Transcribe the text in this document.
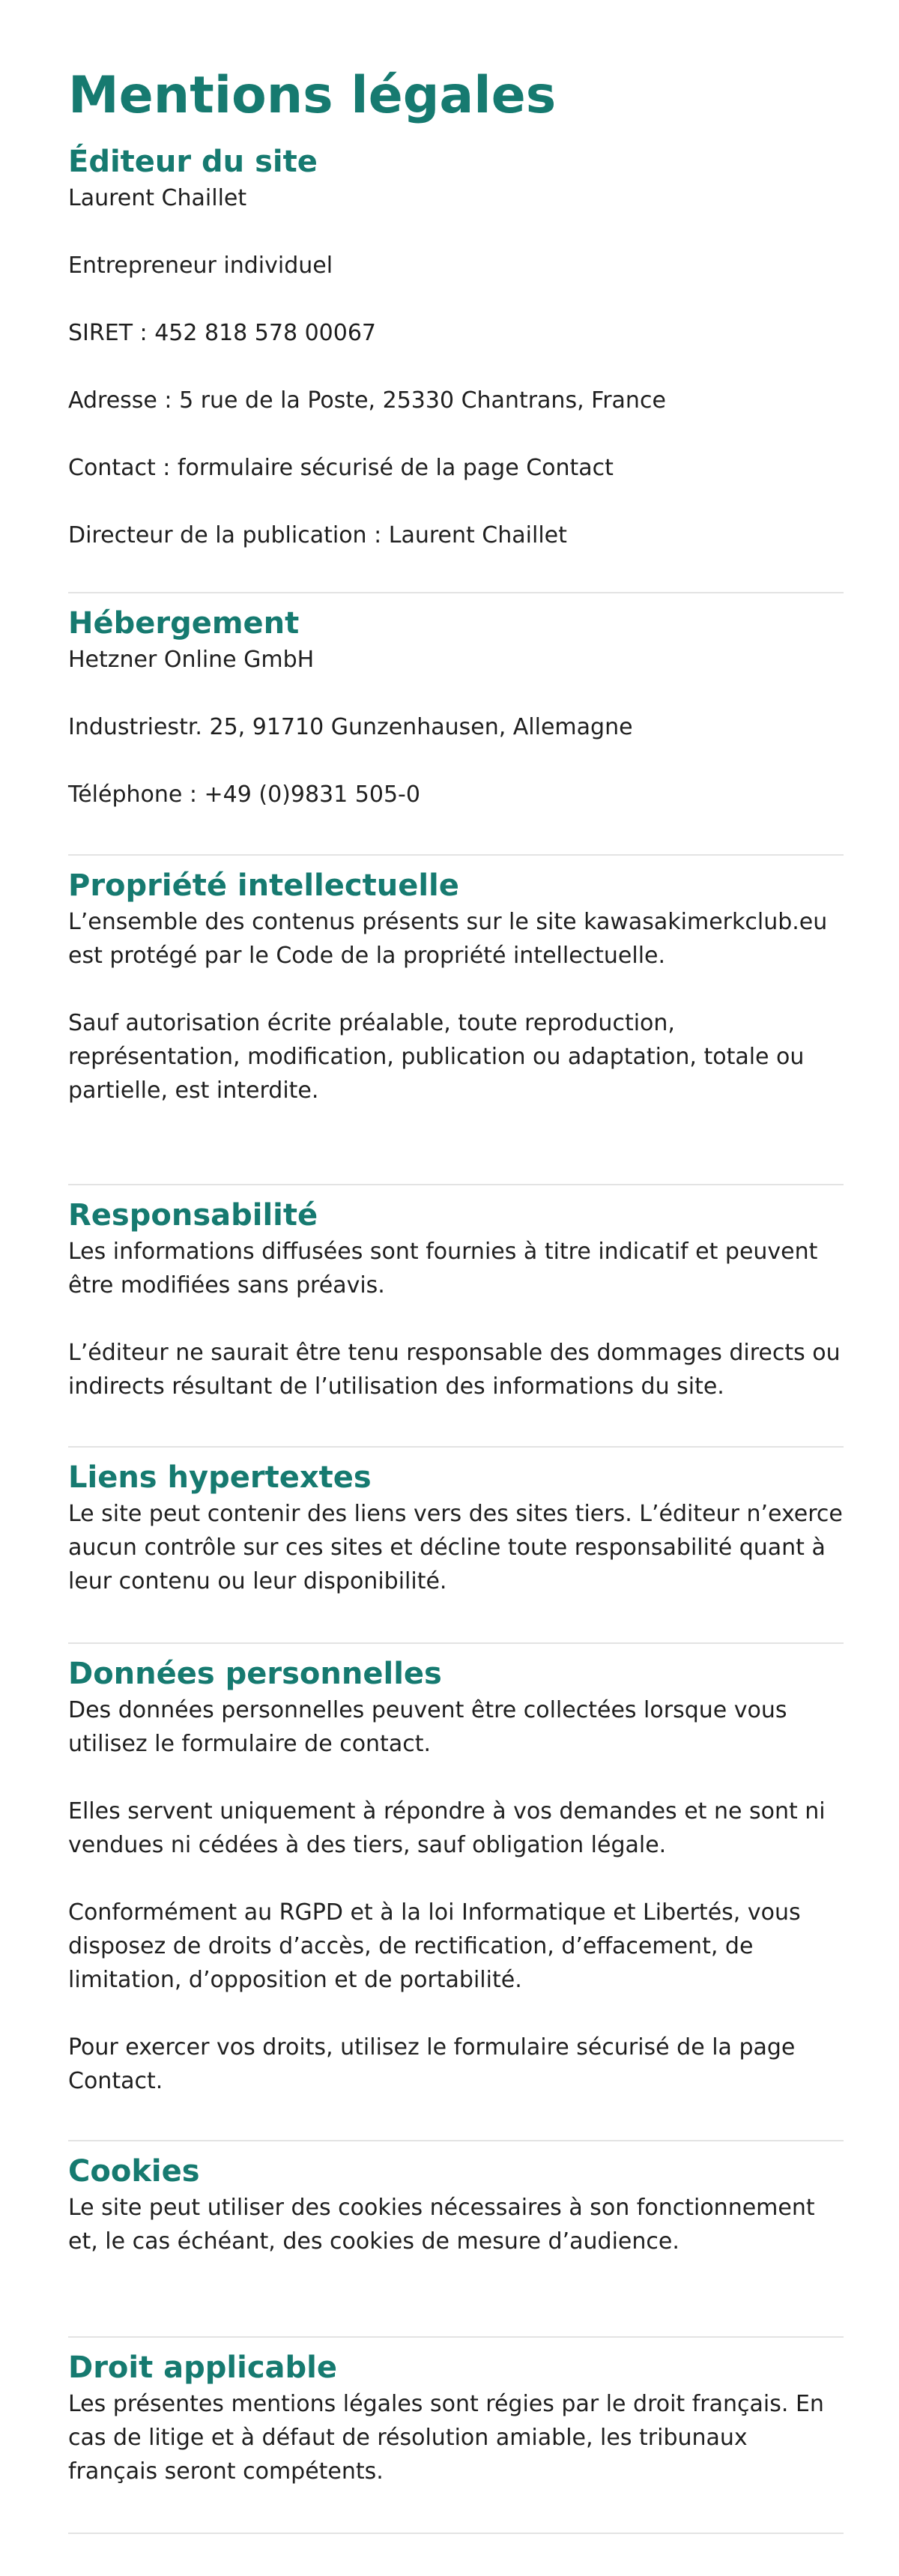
Mentions légales
Éditeur du site

Laurent Chaillet

Entrepreneur individuel

SIRET : 452 818 578 00067

Adresse : 5 rue de la Poste, 25330 Chantrans, France

Contact : formulaire sécurisé de la page Contact

Directeur de la publication : Laurent Chaillet

Hébergement

Hetzner Online GmbH

Industriestr. 25, 91710 Gunzenhausen, Allemagne

Téléphone : +49 (0)9831 505-0

Propriété intellectuelle

L’ensemble des contenus présents sur le site kawasakimerkclub.eu est protégé par le Code de la propriété intellectuelle.

Sauf autorisation écrite préalable, toute reproduction, représentation, modification, publication ou adaptation, totale ou partielle, est interdite.

Responsabilité

Les informations diffusées sont fournies à titre indicatif et peuvent être modifiées sans préavis.

L’éditeur ne saurait être tenu responsable des dommages directs ou indirects résultant de l’utilisation des informations du site.

Liens hypertextes

Le site peut contenir des liens vers des sites tiers. L’éditeur n’exerce aucun contrôle sur ces sites et décline toute responsabilité quant à leur contenu ou leur disponibilité.

Données personnelles

Des données personnelles peuvent être collectées lorsque vous utilisez le formulaire de contact.

Elles servent uniquement à répondre à vos demandes et ne sont ni vendues ni cédées à des tiers, sauf obligation légale.

Conformément au RGPD et à la loi Informatique et Libertés, vous disposez de droits d’accès, de rectification, d’effacement, de limitation, d’opposition et de portabilité.

Pour exercer vos droits, utilisez le formulaire sécurisé de la page Contact.

Cookies

Le site peut utiliser des cookies nécessaires à son fonctionnement et, le cas échéant, des cookies de mesure d’audience.

Droit applicable

Les présentes mentions légales sont régies par le droit français. En cas de litige et à défaut de résolution amiable, les tribunaux français seront compétents.
